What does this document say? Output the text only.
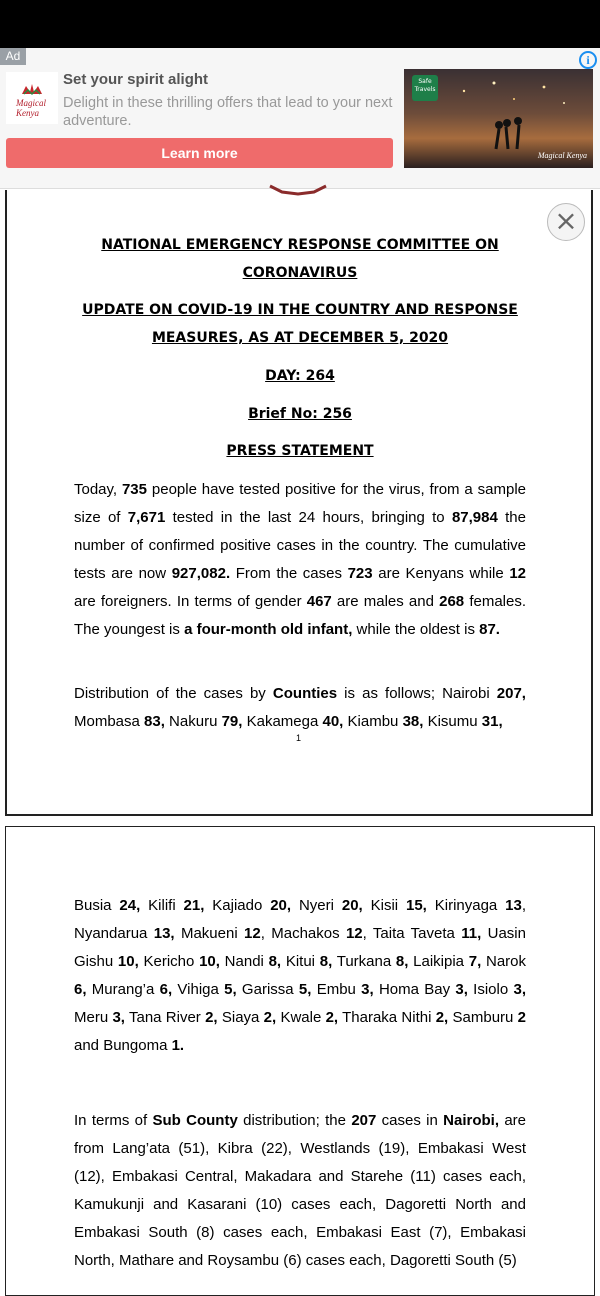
Ad	i
Magical Kenya
Set your spirit alight
Delight in these thrilling offers that lead to your next adventure.
Learn more
Safe Travels
Magical Kenya
×
NATIONAL EMERGENCY RESPONSE COMMITTEE ON CORONAVIRUS
UPDATE ON COVID-19 IN THE COUNTRY AND RESPONSE MEASURES, AS AT DECEMBER 5, 2020
DAY: 264
Brief No: 256
PRESS STATEMENT
Today, 735 people have tested positive for the virus, from a sample size of 7,671 tested in the last 24 hours, bringing to 87,984 the number of confirmed positive cases in the country. The cumulative tests are now 927,082. From the cases 723 are Kenyans while 12 are foreigners. In terms of gender 467 are males and 268 females. The youngest is a four-month old infant, while the oldest is 87.
Distribution of the cases by Counties is as follows; Nairobi 207, Mombasa 83, Nakuru 79, Kakamega 40, Kiambu 38, Kisumu 31,
1
Busia 24, Kilifi 21, Kajiado 20, Nyeri 20, Kisii 15, Kirinyaga 13, Nyandarua 13, Makueni 12, Machakos 12, Taita Taveta 11, Uasin Gishu 10, Kericho 10, Nandi 8, Kitui 8, Turkana 8, Laikipia 7, Narok 6, Murang’a 6, Vihiga 5, Garissa 5, Embu 3, Homa Bay 3, Isiolo 3, Meru 3, Tana River 2, Siaya 2, Kwale 2, Tharaka Nithi 2, Samburu 2 and Bungoma 1.
In terms of Sub County distribution; the 207 cases in Nairobi, are from Lang’ata (51), Kibra (22), Westlands (19), Embakasi West (12), Embakasi Central, Makadara and Starehe (11) cases each, Kamukunji and Kasarani (10) cases each, Dagoretti North and Embakasi South (8) cases each, Embakasi East (7), Embakasi North, Mathare and Roysambu (6) cases each, Dagoretti South (5)
